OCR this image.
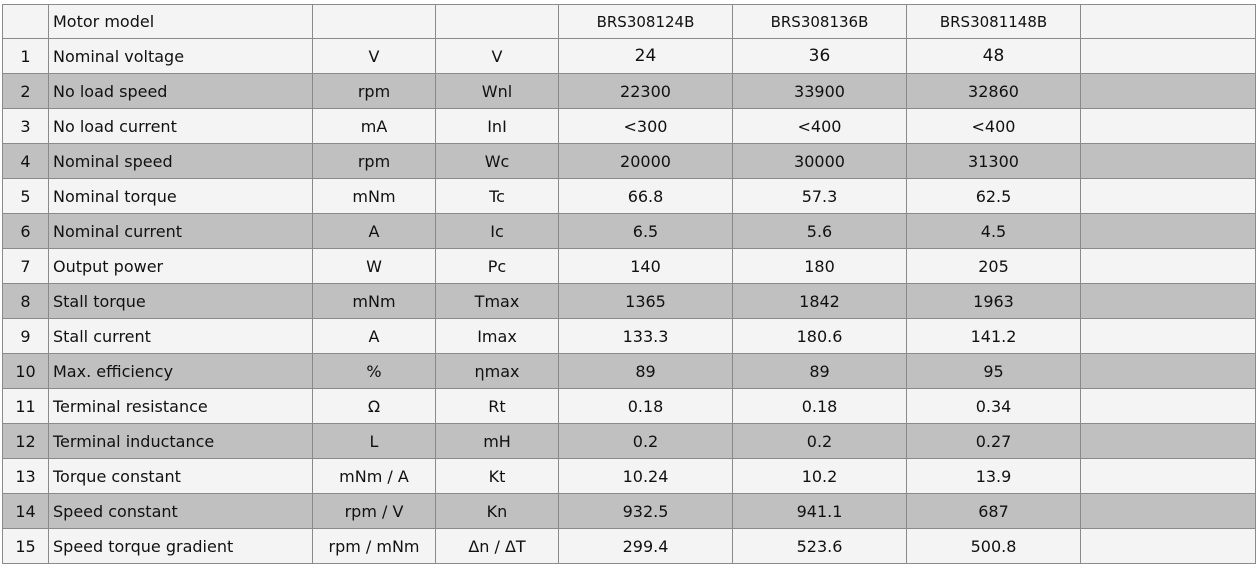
	Motor model			BRS308124B	BRS308136B	BRS3081148B	
1	Nominal voltage	V	V	24	36	48	
2	No load speed	rpm	Wnl	22300	33900	32860	
3	No load current	mA	InI	<300	<400	<400	
4	Nominal speed	rpm	Wc	20000	30000	31300	
5	Nominal torque	mNm	Tc	66.8	57.3	62.5	
6	Nominal current	A	Ic	6.5	5.6	4.5	
7	Output power	W	Pc	140	180	205	
8	Stall torque	mNm	Tmax	1365	1842	1963	
9	Stall current	A	Imax	133.3	180.6	141.2	
10	Max. efficiency	%	ηmax	89	89	95	
11	Terminal resistance	Ω	Rt	0.18	0.18	0.34	
12	Terminal inductance	L	mH	0.2	0.2	0.27	
13	Torque constant	mNm / A	Kt	10.24	10.2	13.9	
14	Speed constant	rpm / V	Kn	932.5	941.1	687	
15	Speed torque gradient	rpm / mNm	Δn / ΔT	299.4	523.6	500.8	
